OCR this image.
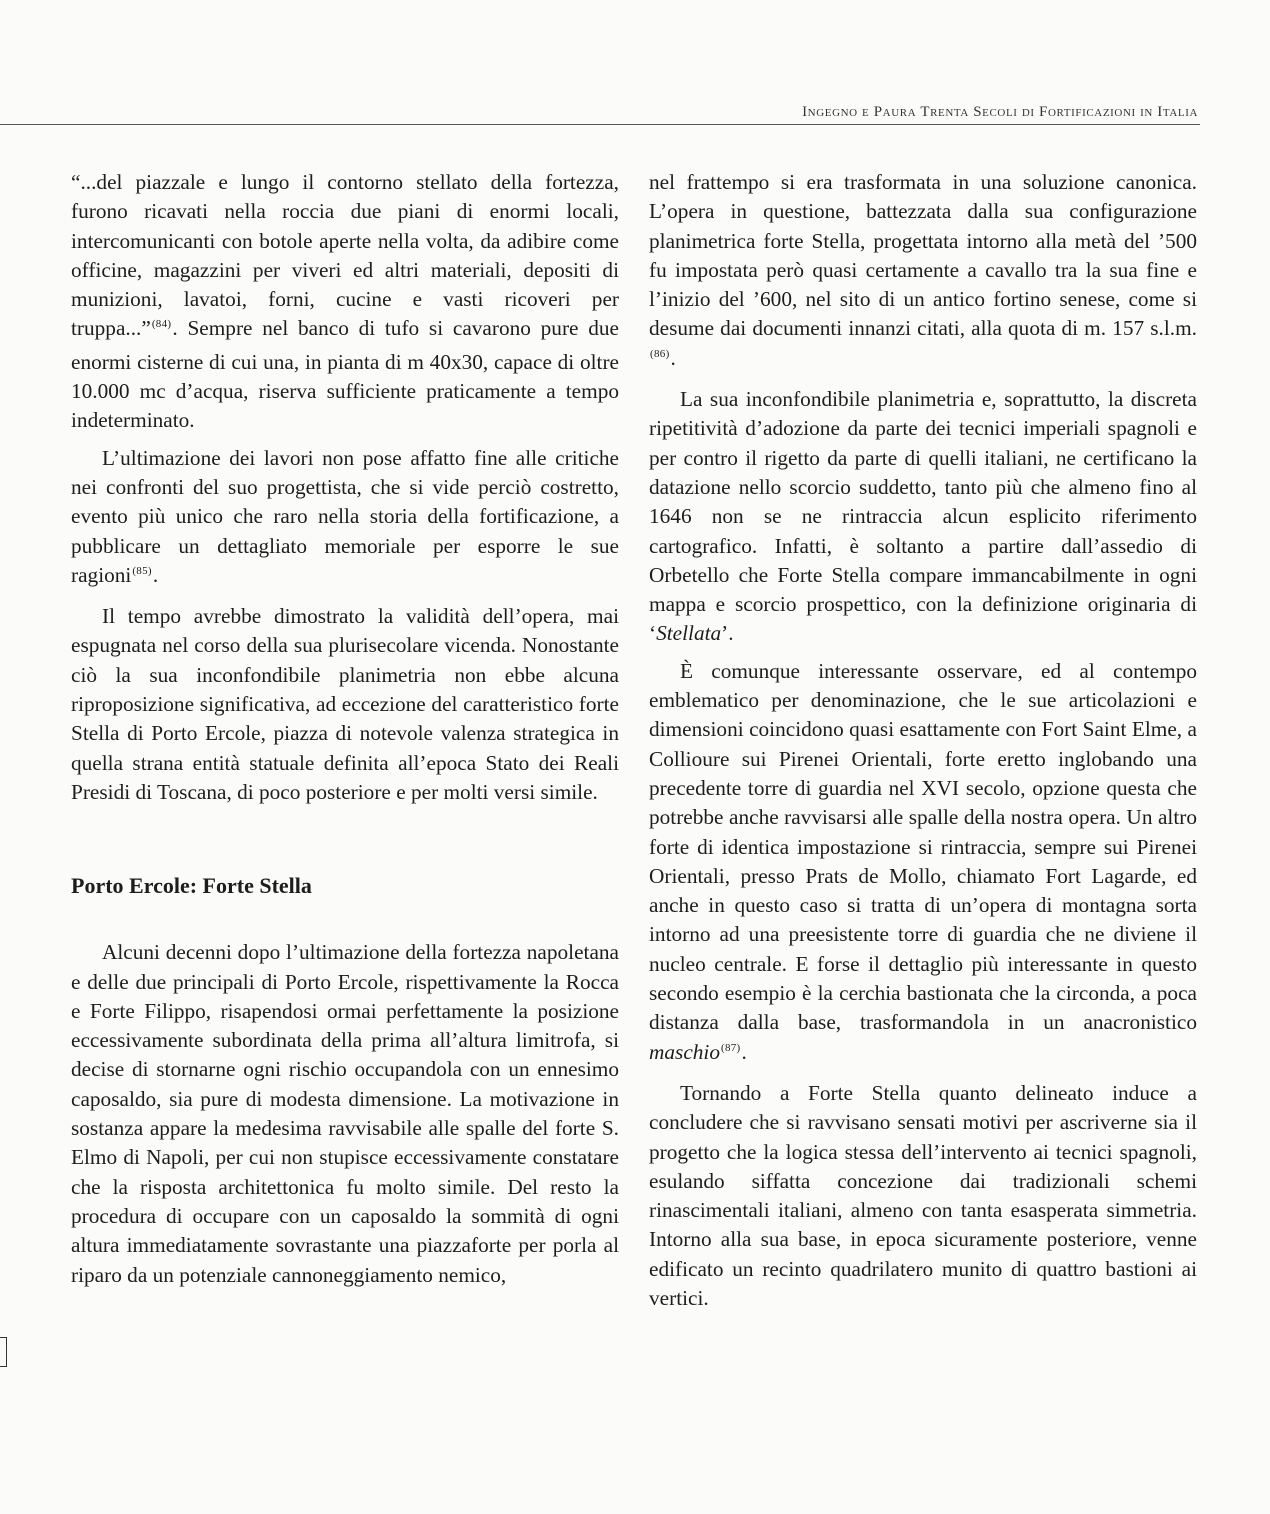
Ingegno e Paura Trenta Secoli di Fortificazioni in Italia

“...del piazzale e lungo il contorno stellato della fortezza, furono ricavati nella roccia due piani di enormi locali, intercomunicanti con botole aperte nella volta, da adibire come officine, magazzini per viveri ed altri materiali, depositi di munizioni, lavatoi, forni, cucine e vasti ricoveri per truppa...”$^{(84)}$. Sempre nel banco di tufo si cavarono pure due enormi cisterne di cui una, in pianta di m 40x30, capace di oltre 10.000 mc d’acqua, riserva sufficiente praticamente a tempo indeterminato.

L’ultimazione dei lavori non pose affatto fine alle critiche nei confronti del suo progettista, che si vide perciò costretto, evento più unico che raro nella storia della fortificazione, a pubblicare un dettagliato memoriale per esporre le sue ragioni$^{(85)}$.

Il tempo avrebbe dimostrato la validità dell’opera, mai espugnata nel corso della sua plurisecolare vicenda. Nonostante ciò la sua inconfondibile planimetria non ebbe alcuna riproposizione significativa, ad eccezione del caratteristico forte Stella di Porto Ercole, piazza di notevole valenza strategica in quella strana entità statuale definita all’epoca Stato dei Reali Presidi di Toscana, di poco posteriore e per molti versi simile.

Porto Ercole: Forte Stella

Alcuni decenni dopo l’ultimazione della fortezza napoletana e delle due principali di Porto Ercole, rispettivamente la Rocca e Forte Filippo, risapendosi ormai perfettamente la posizione eccessivamente subordinata della prima all’altura limitrofa, si decise di stornarne ogni rischio occupandola con un ennesimo caposaldo, sia pure di modesta dimensione. La motivazione in sostanza appare la medesima ravvisabile alle spalle del forte S. Elmo di Napoli, per cui non stupisce eccessivamente constatare che la risposta architettonica fu molto simile. Del resto la procedura di occupare con un caposaldo la sommità di ogni altura immediatamente sovrastante una piazzaforte per porla al riparo da un potenziale cannoneggiamento nemico,

nel frattempo si era trasformata in una soluzione canonica. L’opera in questione, battezzata dalla sua configurazione planimetrica forte Stella, progettata intorno alla metà del ’500 fu impostata però quasi certamente a cavallo tra la sua fine e l’inizio del ’600, nel sito di un antico fortino senese, come si desume dai documenti innanzi citati, alla quota di m. 157 s.l.m.$^{(86)}$.

La sua inconfondibile planimetria e, soprattutto, la discreta ripetitività d’adozione da parte dei tecnici imperiali spagnoli e per contro il rigetto da parte di quelli italiani, ne certificano la datazione nello scorcio suddetto, tanto più che almeno fino al 1646 non se ne rintraccia alcun esplicito riferimento cartografico. Infatti, è soltanto a partire dall’assedio di Orbetello che Forte Stella compare immancabilmente in ogni mappa e scorcio prospettico, con la definizione originaria di ‘Stellata’.

È comunque interessante osservare, ed al contempo emblematico per denominazione, che le sue articolazioni e dimensioni coincidono quasi esattamente con Fort Saint Elme, a Collioure sui Pirenei Orientali, forte eretto inglobando una precedente torre di guardia nel XVI secolo, opzione questa che potrebbe anche ravvisarsi alle spalle della nostra opera. Un altro forte di identica impostazione si rintraccia, sempre sui Pirenei Orientali, presso Prats de Mollo, chiamato Fort Lagarde, ed anche in questo caso si tratta di un’opera di montagna sorta intorno ad una preesistente torre di guardia che ne diviene il nucleo centrale. E forse il dettaglio più interessante in questo secondo esempio è la cerchia bastionata che la circonda, a poca distanza dalla base, trasformandola in un anacronistico maschio$^{(87)}$.

Tornando a Forte Stella quanto delineato induce a concludere che si ravvisano sensati motivi per ascriverne sia il progetto che la logica stessa dell’intervento ai tecnici spagnoli, esulando siffatta concezione dai tradizionali schemi rinascimentali italiani, almeno con tanta esasperata simmetria. Intorno alla sua base, in epoca sicuramente posteriore, venne edificato un recinto quadrilatero munito di quattro bastioni ai vertici.
